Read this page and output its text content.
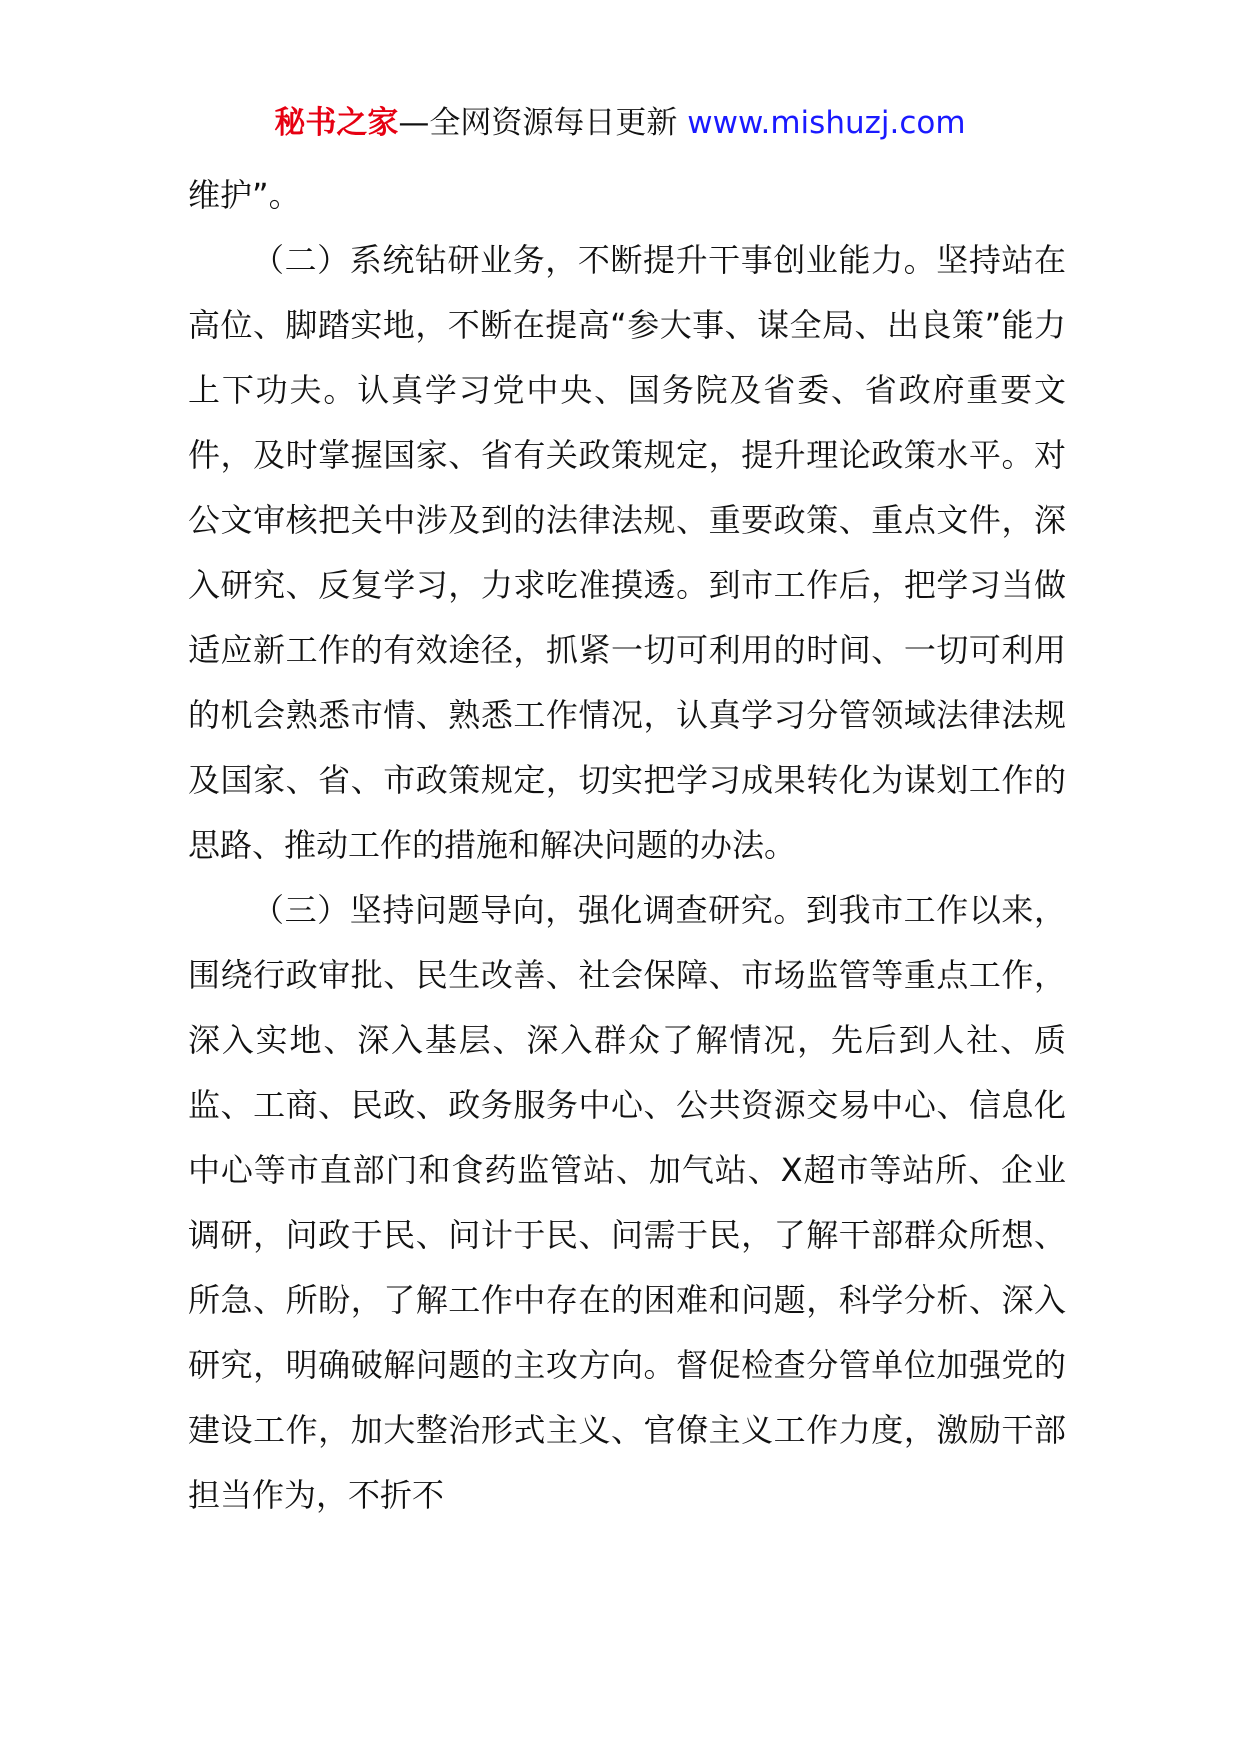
秘书之家—全网资源每日更新 www.mishuzj.com

维护”。

（二）系统钻研业务，不断提升干事创业能力。坚持站在高位、脚踏实地，不断在提高“参大事、谋全局、出良策”能力上下功夫。认真学习党中央、国务院及省委、省政府重要文件，及时掌握国家、省有关政策规定，提升理论政策水平。对公文审核把关中涉及到的法律法规、重要政策、重点文件，深入研究、反复学习，力求吃准摸透。到市工作后，把学习当做适应新工作的有效途径，抓紧一切可利用的时间、一切可利用的机会熟悉市情、熟悉工作情况，认真学习分管领域法律法规及国家、省、市政策规定，切实把学习成果转化为谋划工作的思路、推动工作的措施和解决问题的办法。

（三）坚持问题导向，强化调查研究。到我市工作以来，围绕行政审批、民生改善、社会保障、市场监管等重点工作，深入实地、深入基层、深入群众了解情况，先后到人社、质监、工商、民政、政务服务中心、公共资源交易中心、信息化中心等市直部门和食药监管站、加气站、X超市等站所、企业调研，问政于民、问计于民、问需于民，了解干部群众所想、所急、所盼，了解工作中存在的困难和问题，科学分析、深入研究，明确破解问题的主攻方向。督促检查分管单位加强党的建设工作，加大整治形式主义、官僚主义工作力度，激励干部担当作为，不折不
